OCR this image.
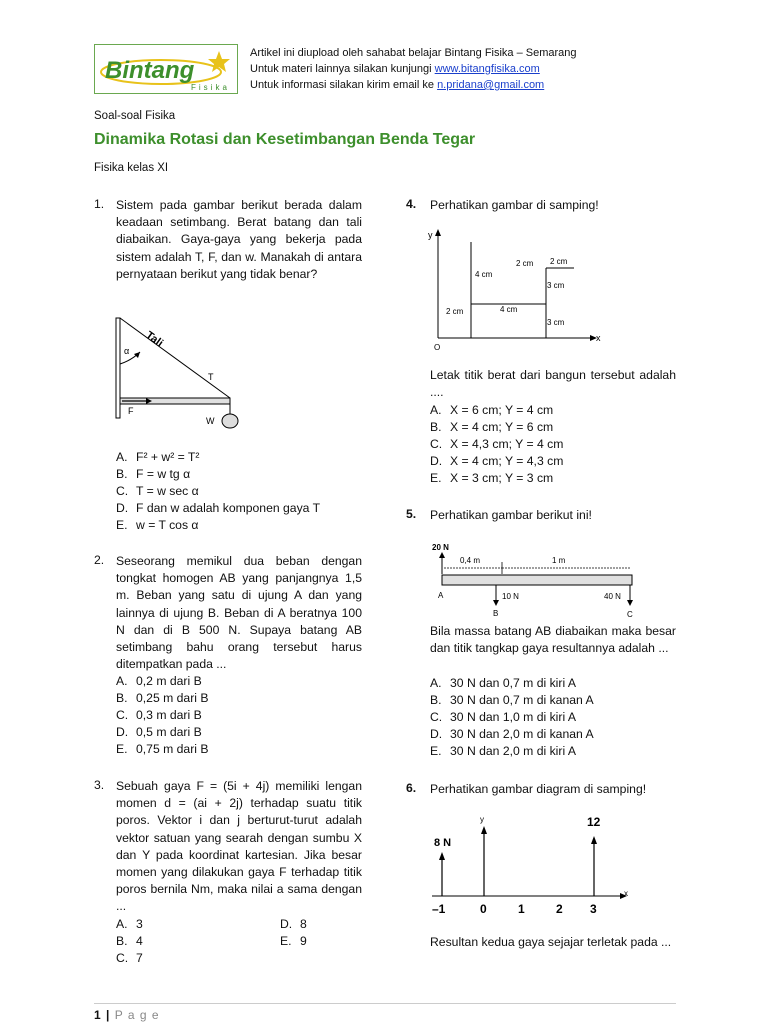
Bintang
Fisika
Artikel ini diupload oleh sahabat belajar Bintang Fisika – Semarang
Untuk materi lainnya silakan kunjungi www.bitangfisika.com
Untuk informasi silakan kirim email ke n.pridana@gmail.com
Soal-soal Fisika
Dinamika Rotasi dan Kesetimbangan Benda Tegar
Fisika kelas XI
1. Sistem pada gambar berikut berada dalam keadaan setimbang. Berat batang dan tali diabaikan. Gaya-gaya yang bekerja pada sistem adalah T, F, dan w. Manakah di antara pernyataan berikut yang tidak benar?
Tali
α
T
F
W
A. F² + w² = T²
B. F = w tg α
C. T = w sec α
D. F dan w adalah komponen gaya T
E. w = T cos α
2. Seseorang memikul dua beban dengan tongkat homogen AB yang panjangnya 1,5 m. Beban yang satu di ujung A dan yang lainnya di ujung B. Beban di A beratnya 100 N dan di B 500 N. Supaya batang AB setimbang bahu orang tersebut harus ditempatkan pada ...
A. 0,2 m dari B
B. 0,25 m dari B
C. 0,3 m dari B
D. 0,5 m dari B
E. 0,75 m dari B
3. Sebuah gaya F = (5i + 4j) memiliki lengan momen d = (ai + 2j) terhadap suatu titik poros. Vektor i dan j berturut-turut adalah vektor satuan yang searah dengan sumbu X dan Y pada koordinat kartesian. Jika besar momen yang dilakukan gaya F terhadap titik poros bernila Nm, maka nilai a sama dengan ...
A. 3
B. 4
C. 7
D. 8
E. 9
4. Perhatikan gambar di samping!
y
x
O
4 cm
2 cm 2 cm
3 cm
3 cm
2 cm	4 cm
Letak titik berat dari bangun tersebut adalah ....
A. X = 6 cm; Y = 4 cm
B. X = 4 cm; Y = 6 cm
C. X = 4,3 cm; Y = 4 cm
D. X = 4 cm; Y = 4,3 cm
E. X = 3 cm; Y = 3 cm
5. Perhatikan gambar berikut ini!
20 N
0,4 m	1 m
A	10 N
B
40 N
C
Bila massa batang AB diabaikan maka besar dan titik tangkap gaya resultannya adalah ...
A. 30 N dan 0,7 m di kiri A
B. 30 N dan 0,7 m di kanan A
C. 30 N dan 1,0 m di kiri A
D. 30 N dan 2,0 m di kanan A
E. 30 N dan 2,0 m di kiri A
6. Perhatikan gambar diagram di samping!
x
y
8 N
12
–1	0	1	2 3
Resultan kedua gaya sejajar terletak pada ...
1 | P a g e
